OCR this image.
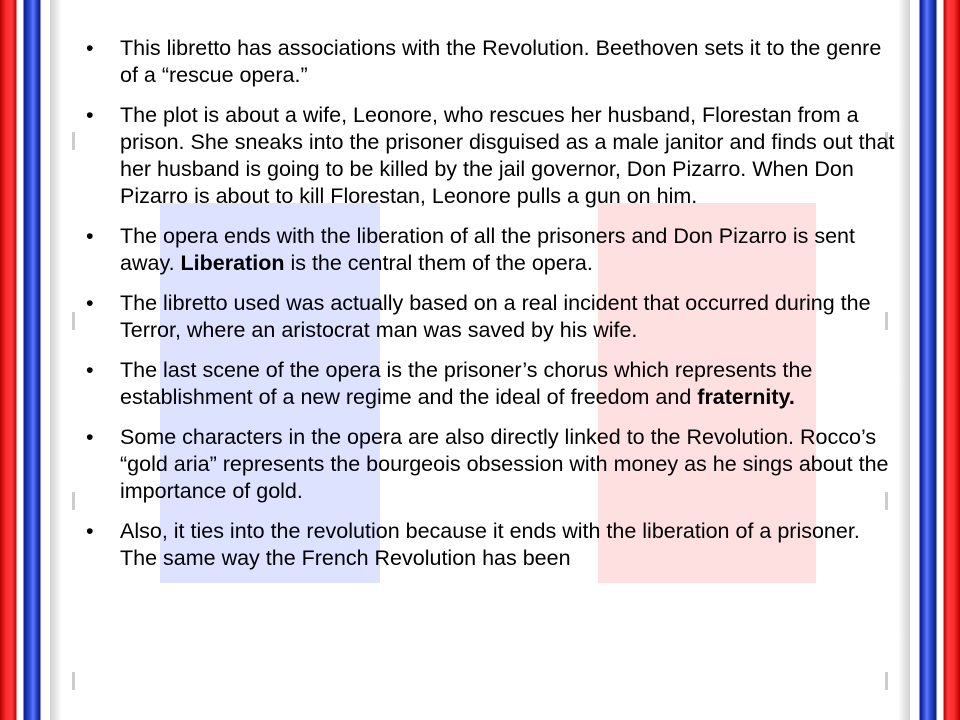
• This libretto has associations with the Revolution. Beethoven sets it to the genre of a “rescue opera.”
• The plot is about a wife, Leonore, who rescues her husband, Florestan from a prison. She sneaks into the prisoner disguised as a male janitor and finds out that her husband is going to be killed by the jail governor, Don Pizarro. When Don Pizarro is about to kill Florestan, Leonore pulls a gun on him.
• The opera ends with the liberation of all the prisoners and Don Pizarro is sent away. Liberation is the central them of the opera.
• The libretto used was actually based on a real incident that occurred during the Terror, where an aristocrat man was saved by his wife.
• The last scene of the opera is the prisoner’s chorus which represents the establishment of a new regime and the ideal of freedom and fraternity.
• Some characters in the opera are also directly linked to the Revolution. Rocco’s “gold aria” represents the bourgeois obsession with money as he sings about the importance of gold.
• Also, it ties into the revolution because it ends with the liberation of a prisoner. The same way the French Revolution has been
